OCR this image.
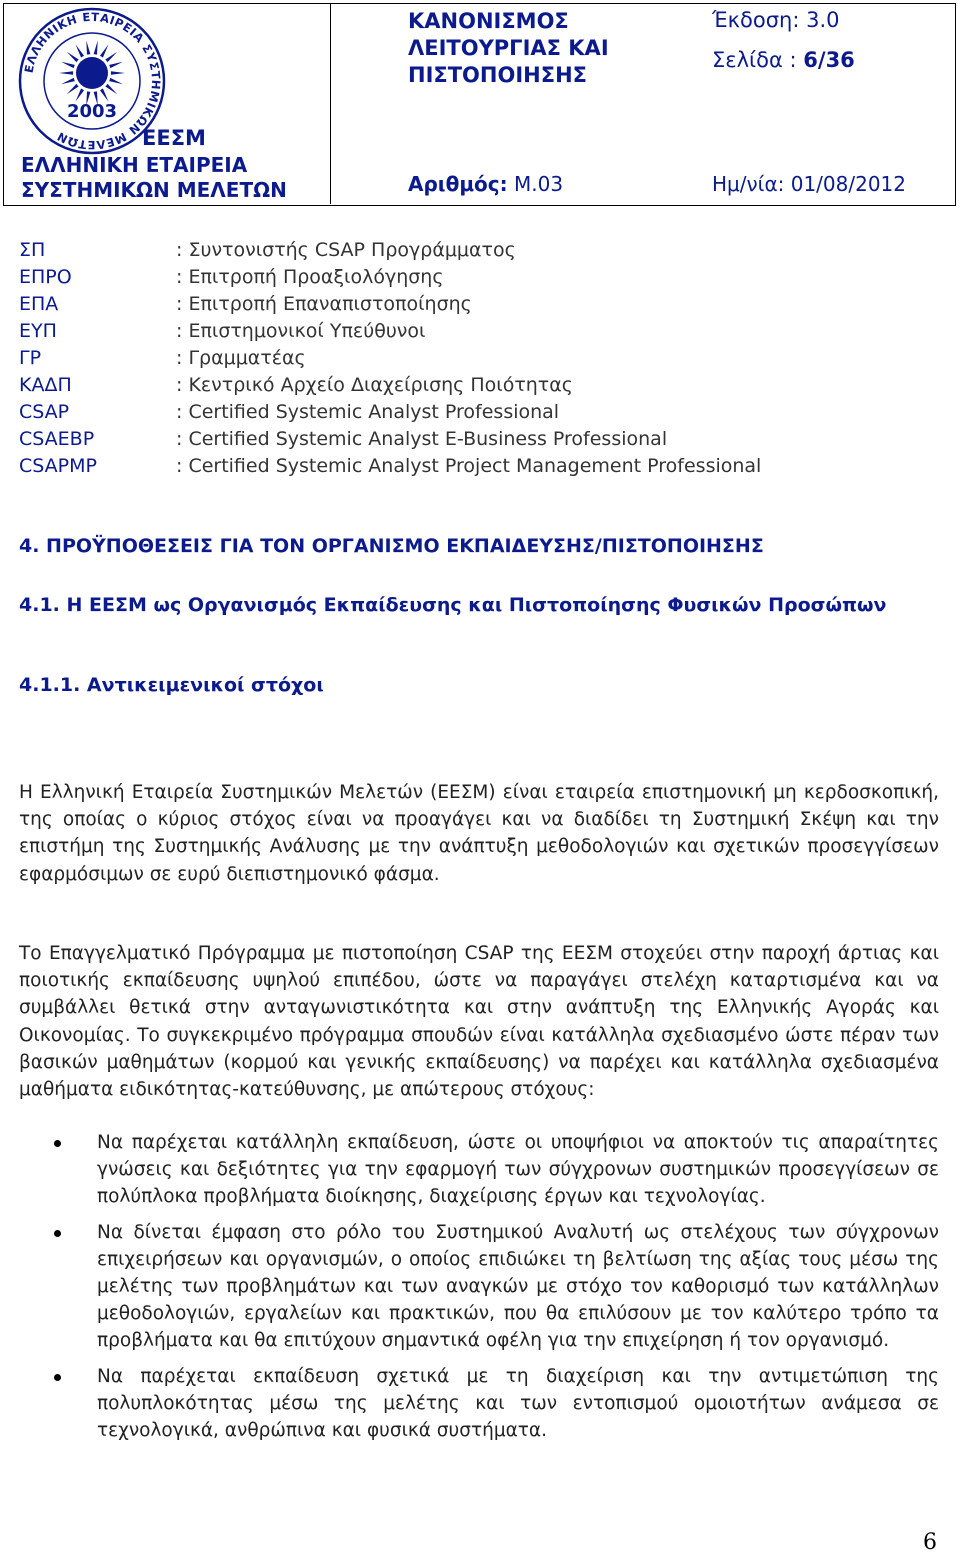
ΕΛΛΗΝΙΚΗ ΕΤΑΙΡΕΙΑ ΣΥΣΤΗΜΙΚΩΝ ΜΕΛΕΤΩΝ
2003
ΕΕΣΜ
ΕΛΛΗΝΙΚΗ ΕΤΑΙΡΕΙΑ
ΣΥΣΤΗΜΙΚΩΝ ΜΕΛΕΤΩΝ
ΚΑΝΟΝΙΣΜΟΣ
ΛΕΙΤΟΥΡΓΙΑΣ ΚΑΙ
ΠΙΣΤΟΠΟΙΗΣΗΣ
Αριθμός: Μ.03
Έκδοση: 3.0
Σελίδα : 6/36
Ημ/νία: 01/08/2012
ΣΠ	: Συντονιστής CSAP Προγράμματος
ΕΠΡΟ	: Επιτροπή Προαξιολόγησης
ΕΠΑ	: Επιτροπή Επαναπιστοποίησης
ΕΥΠ	: Επιστημονικοί Υπεύθυνοι
ΓΡ	: Γραμματέας
ΚΑΔΠ	: Κεντρικό Αρχείο Διαχείρισης Ποιότητας
CSAP	: Certified Systemic Analyst Professional
CSAEBP	: Certified Systemic Analyst E-Business Professional
CSAPMP	: Certified Systemic Analyst Project Management Professional
4. ΠΡΟΫΠΟΘΕΣΕΙΣ ΓΙΑ ΤΟΝ ΟΡΓΑΝΙΣΜΟ ΕΚΠΑΙΔΕΥΣΗΣ/ΠΙΣΤΟΠΟΙΗΣΗΣ
4.1. Η ΕΕΣΜ ως Οργανισμός Εκπαίδευσης και Πιστοποίησης Φυσικών Προσώπων
4.1.1. Αντικειμενικοί στόχοι
Η Ελληνική Εταιρεία Συστημικών Μελετών (ΕΕΣΜ) είναι εταιρεία επιστημονική μη κερδοσκοπική, της οποίας ο κύριος στόχος είναι να προαγάγει και να διαδίδει τη Συστημική Σκέψη και την επιστήμη της Συστημικής Ανάλυσης με την ανάπτυξη μεθοδολογιών και σχετικών προσεγγίσεων εφαρμόσιμων σε ευρύ διεπιστημονικό φάσμα.
Το Επαγγελματικό Πρόγραμμα με πιστοποίηση CSAP της ΕΕΣΜ στοχεύει στην παροχή άρτιας και ποιοτικής εκπαίδευσης υψηλού επιπέδου, ώστε να παραγάγει στελέχη καταρτισμένα και να συμβάλλει θετικά στην ανταγωνιστικότητα και στην ανάπτυξη της Ελληνικής Αγοράς και Οικονομίας. Το συγκεκριμένο πρόγραμμα σπουδών είναι κατάλληλα σχεδιασμένο ώστε πέραν των βασικών μαθημάτων (κορμού και γενικής εκπαίδευσης) να παρέχει και κατάλληλα σχεδιασμένα μαθήματα ειδικότητας-κατεύθυνσης, με απώτερους στόχους:
Να παρέχεται κατάλληλη εκπαίδευση, ώστε οι υποψήφιοι να αποκτούν τις απαραίτητες γνώσεις και δεξιότητες για την εφαρμογή των σύγχρονων συστημικών προσεγγίσεων σε πολύπλοκα προβλήματα διοίκησης, διαχείρισης έργων και τεχνολογίας.
Να δίνεται έμφαση στο ρόλο του Συστημικού Αναλυτή ως στελέχους των σύγχρονων επιχειρήσεων και οργανισμών, ο οποίος επιδιώκει τη βελτίωση της αξίας τους μέσω της μελέτης των προβλημάτων και των αναγκών με στόχο τον καθορισμό των κατάλληλων μεθοδολογιών, εργαλείων και πρακτικών, που θα επιλύσουν με τον καλύτερο τρόπο τα προβλήματα και θα επιτύχουν σημαντικά οφέλη για την επιχείρηση ή τον οργανισμό.
Να παρέχεται εκπαίδευση σχετικά με τη διαχείριση και την αντιμετώπιση της πολυπλοκότητας μέσω της μελέτης και των εντοπισμού ομοιοτήτων ανάμεσα σε τεχνολογικά, ανθρώπινα και φυσικά συστήματα.
6
